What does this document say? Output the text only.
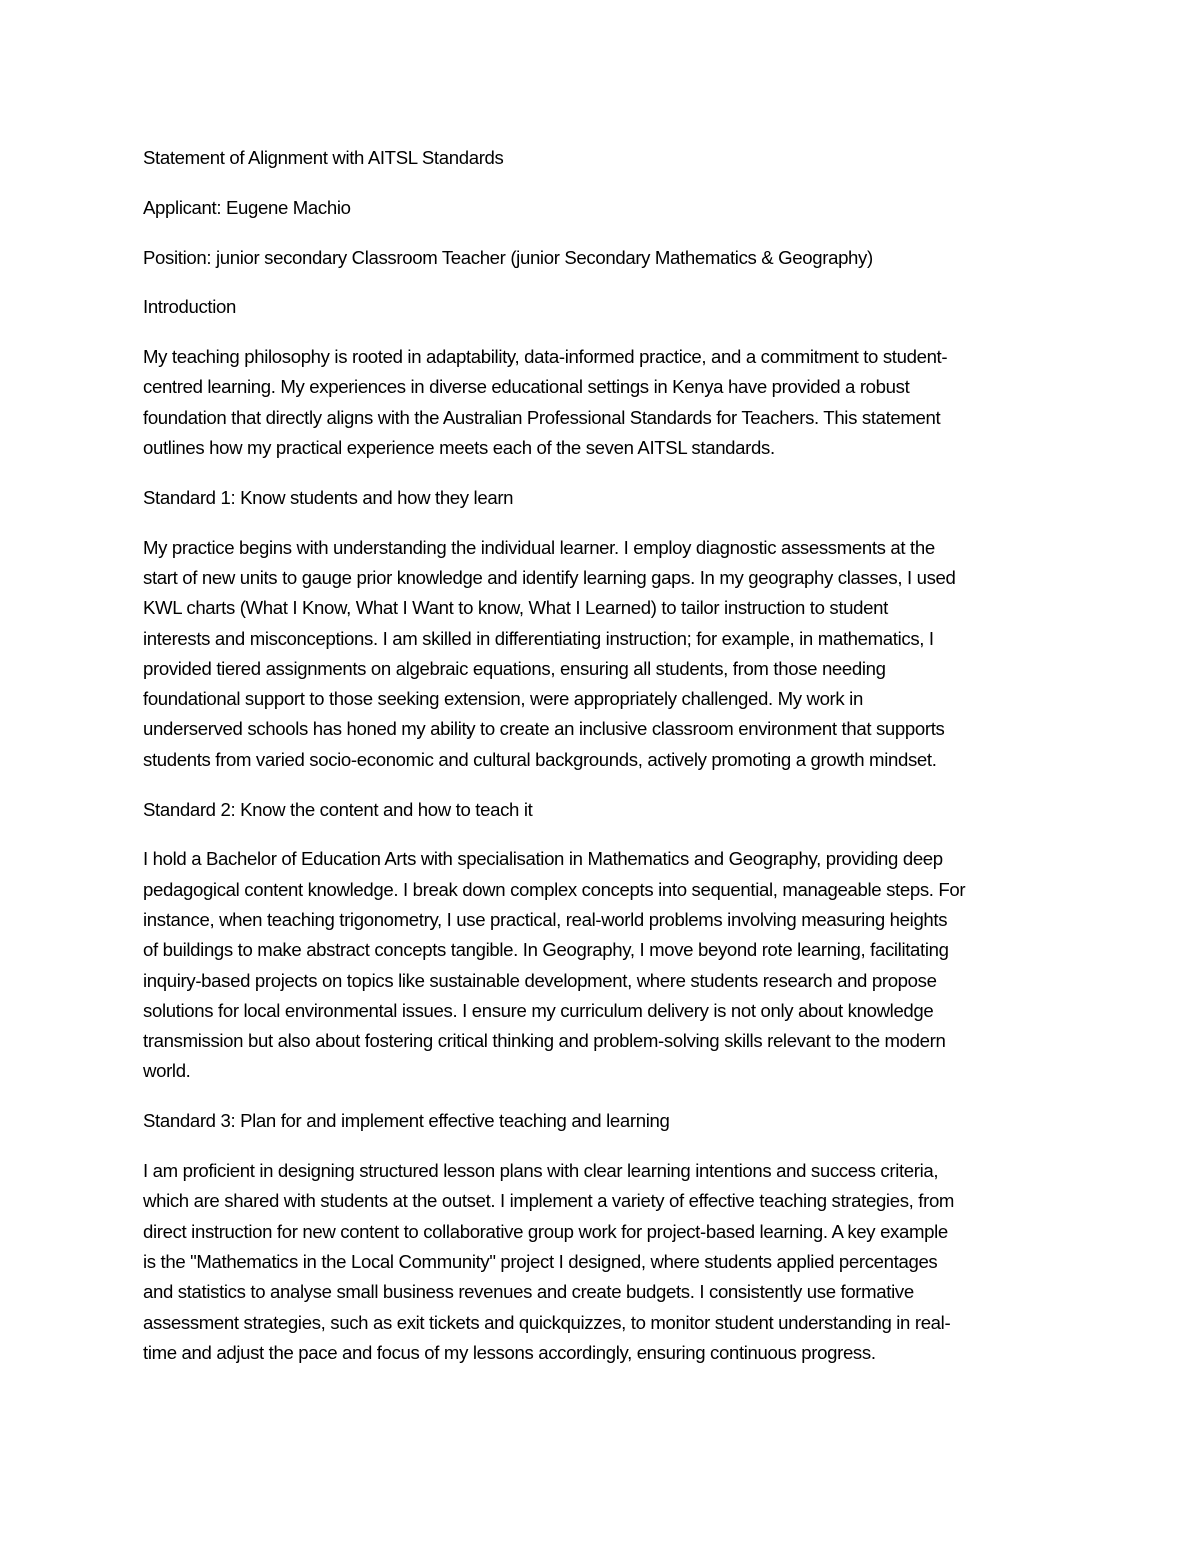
Statement of Alignment with AITSL Standards

Applicant: Eugene Machio

Position: junior secondary Classroom Teacher (junior Secondary Mathematics & Geography)

Introduction

My teaching philosophy is rooted in adaptability, data-informed practice, and a commitment to student-

centred learning. My experiences in diverse educational settings in Kenya have provided a robust

foundation that directly aligns with the Australian Professional Standards for Teachers. This statement

outlines how my practical experience meets each of the seven AITSL standards.

Standard 1: Know students and how they learn

My practice begins with understanding the individual learner. I employ diagnostic assessments at the

start of new units to gauge prior knowledge and identify learning gaps. In my geography classes, I used

KWL charts (What I Know, What I Want to know, What I Learned) to tailor instruction to student

interests and misconceptions. I am skilled in differentiating instruction; for example, in mathematics, I

provided tiered assignments on algebraic equations, ensuring all students, from those needing

foundational support to those seeking extension, were appropriately challenged. My work in

underserved schools has honed my ability to create an inclusive classroom environment that supports

students from varied socio-economic and cultural backgrounds, actively promoting a growth mindset.

Standard 2: Know the content and how to teach it

I hold a Bachelor of Education Arts with specialisation in Mathematics and Geography, providing deep

pedagogical content knowledge. I break down complex concepts into sequential, manageable steps. For

instance, when teaching trigonometry, I use practical, real-world problems involving measuring heights

of buildings to make abstract concepts tangible. In Geography, I move beyond rote learning, facilitating

inquiry-based projects on topics like sustainable development, where students research and propose

solutions for local environmental issues. I ensure my curriculum delivery is not only about knowledge

transmission but also about fostering critical thinking and problem-solving skills relevant to the modern

world.

Standard 3: Plan for and implement effective teaching and learning

I am proficient in designing structured lesson plans with clear learning intentions and success criteria,

which are shared with students at the outset. I implement a variety of effective teaching strategies, from

direct instruction for new content to collaborative group work for project-based learning. A key example

is the "Mathematics in the Local Community" project I designed, where students applied percentages

and statistics to analyse small business revenues and create budgets. I consistently use formative

assessment strategies, such as exit tickets and quickquizzes, to monitor student understanding in real-

time and adjust the pace and focus of my lessons accordingly, ensuring continuous progress.
